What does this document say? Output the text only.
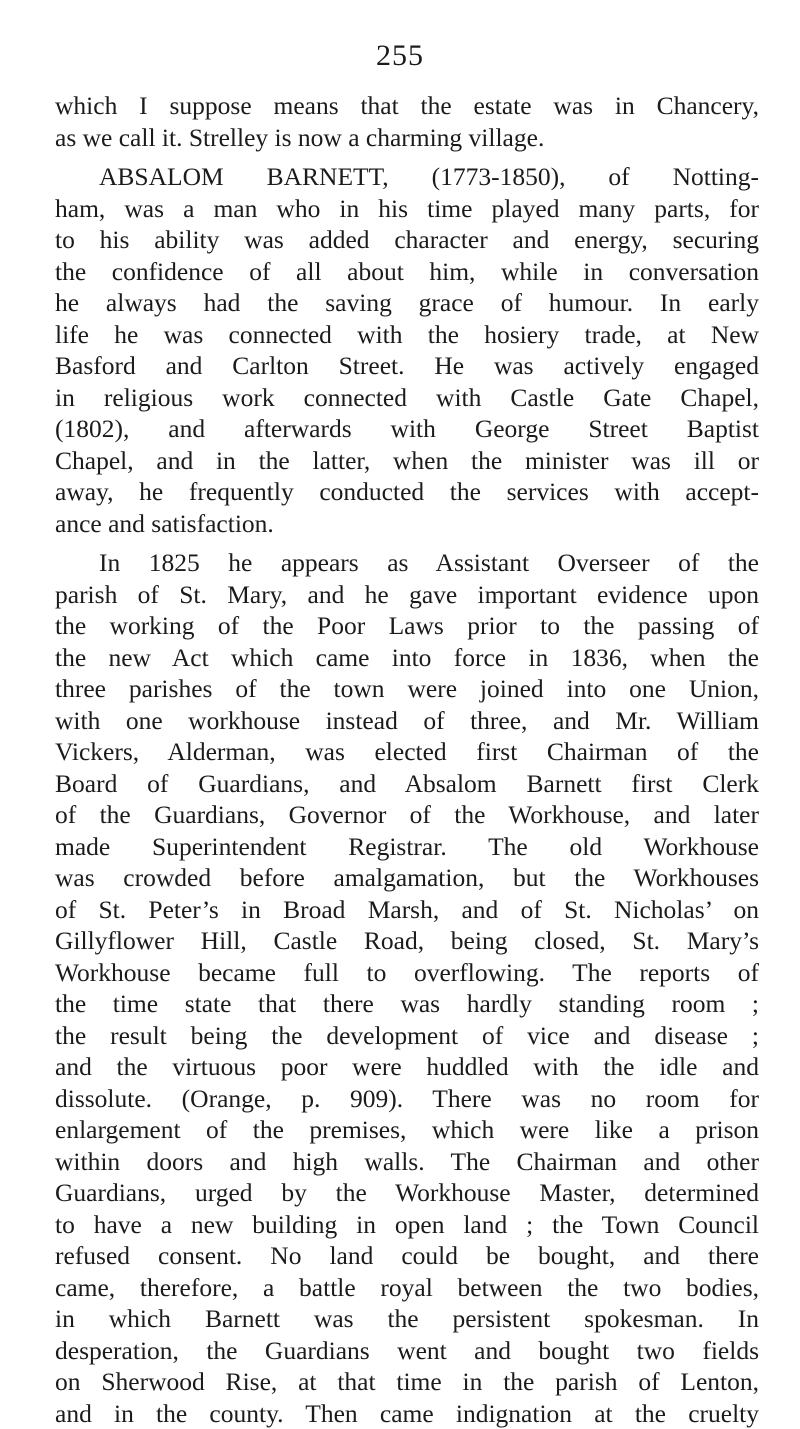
255
which I suppose means that the estate was in Chancery,
as we call it. Strelley is now a charming village.
ABSALOM BARNETT, (1773-1850), of Notting-
ham, was a man who in his time played many parts, for
to his ability was added character and energy, securing
the confidence of all about him, while in conversation
he always had the saving grace of humour. In early
life he was connected with the hosiery trade, at New
Basford and Carlton Street. He was actively engaged
in religious work connected with Castle Gate Chapel,
(1802), and afterwards with George Street Baptist
Chapel, and in the latter, when the minister was ill or
away, he frequently conducted the services with accept-
ance and satisfaction.
In 1825 he appears as Assistant Overseer of the
parish of St. Mary, and he gave important evidence upon
the working of the Poor Laws prior to the passing of
the new Act which came into force in 1836, when the
three parishes of the town were joined into one Union,
with one workhouse instead of three, and Mr. William
Vickers, Alderman, was elected first Chairman of the
Board of Guardians, and Absalom Barnett first Clerk
of the Guardians, Governor of the Workhouse, and later
made Superintendent Registrar. The old Workhouse
was crowded before amalgamation, but the Workhouses
of St. Peter’s in Broad Marsh, and of St. Nicholas’ on
Gillyflower Hill, Castle Road, being closed, St. Mary’s
Workhouse became full to overflowing. The reports of
the time state that there was hardly standing room ;
the result being the development of vice and disease ;
and the virtuous poor were huddled with the idle and
dissolute. (Orange, p. 909). There was no room for
enlargement of the premises, which were like a prison
within doors and high walls. The Chairman and other
Guardians, urged by the Workhouse Master, determined
to have a new building in open land ; the Town Council
refused consent. No land could be bought, and there
came, therefore, a battle royal between the two bodies,
in which Barnett was the persistent spokesman. In
desperation, the Guardians went and bought two fields
on Sherwood Rise, at that time in the parish of Lenton,
and in the county. Then came indignation at the cruelty
